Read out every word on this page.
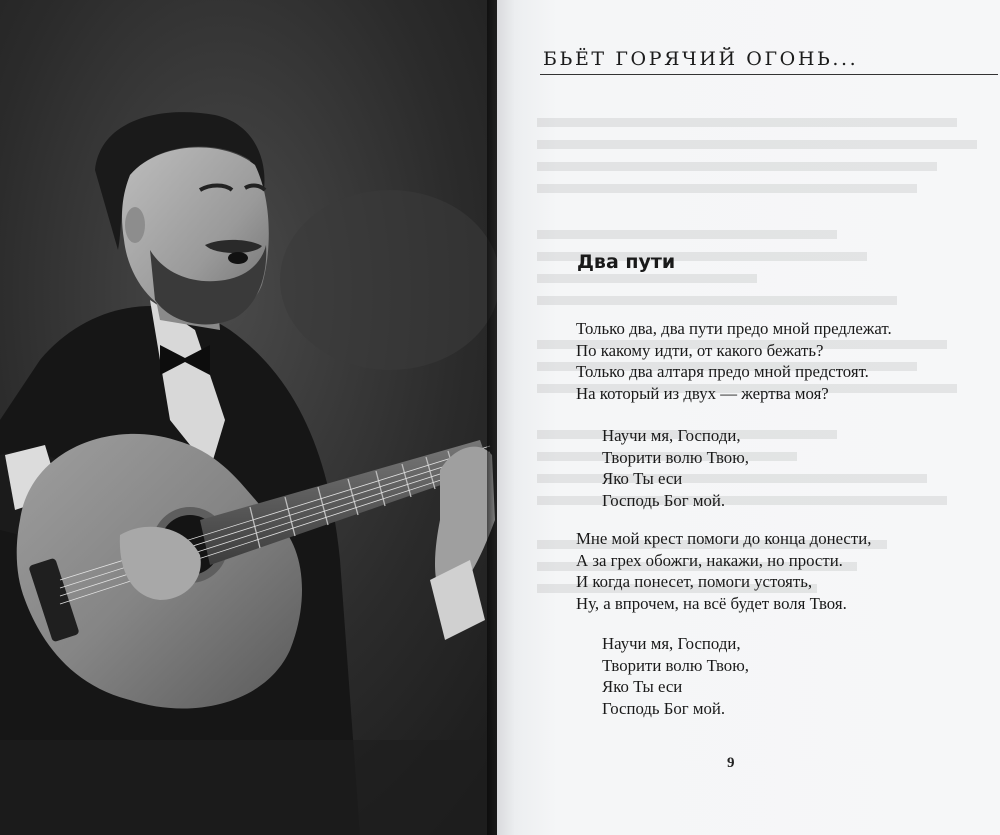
БЬЁТ ГОРЯЧИЙ ОГОНЬ...
Два пути
Только два, два пути предо мной предлежат.
По какому идти, от какого бежать?
Только два алтаря предо мной предстоят.
На который из двух — жертва моя?
Научи мя, Господи,
Творити волю Твою,
Яко Ты еси
Господь Бог мой.
Мне мой крест помоги до конца донести,
А за грех обожги, накажи, но прости.
И когда понесет, помоги устоять,
Ну, а впрочем, на всё будет воля Твоя.
Научи мя, Господи,
Творити волю Твою,
Яко Ты еси
Господь Бог мой.
9
